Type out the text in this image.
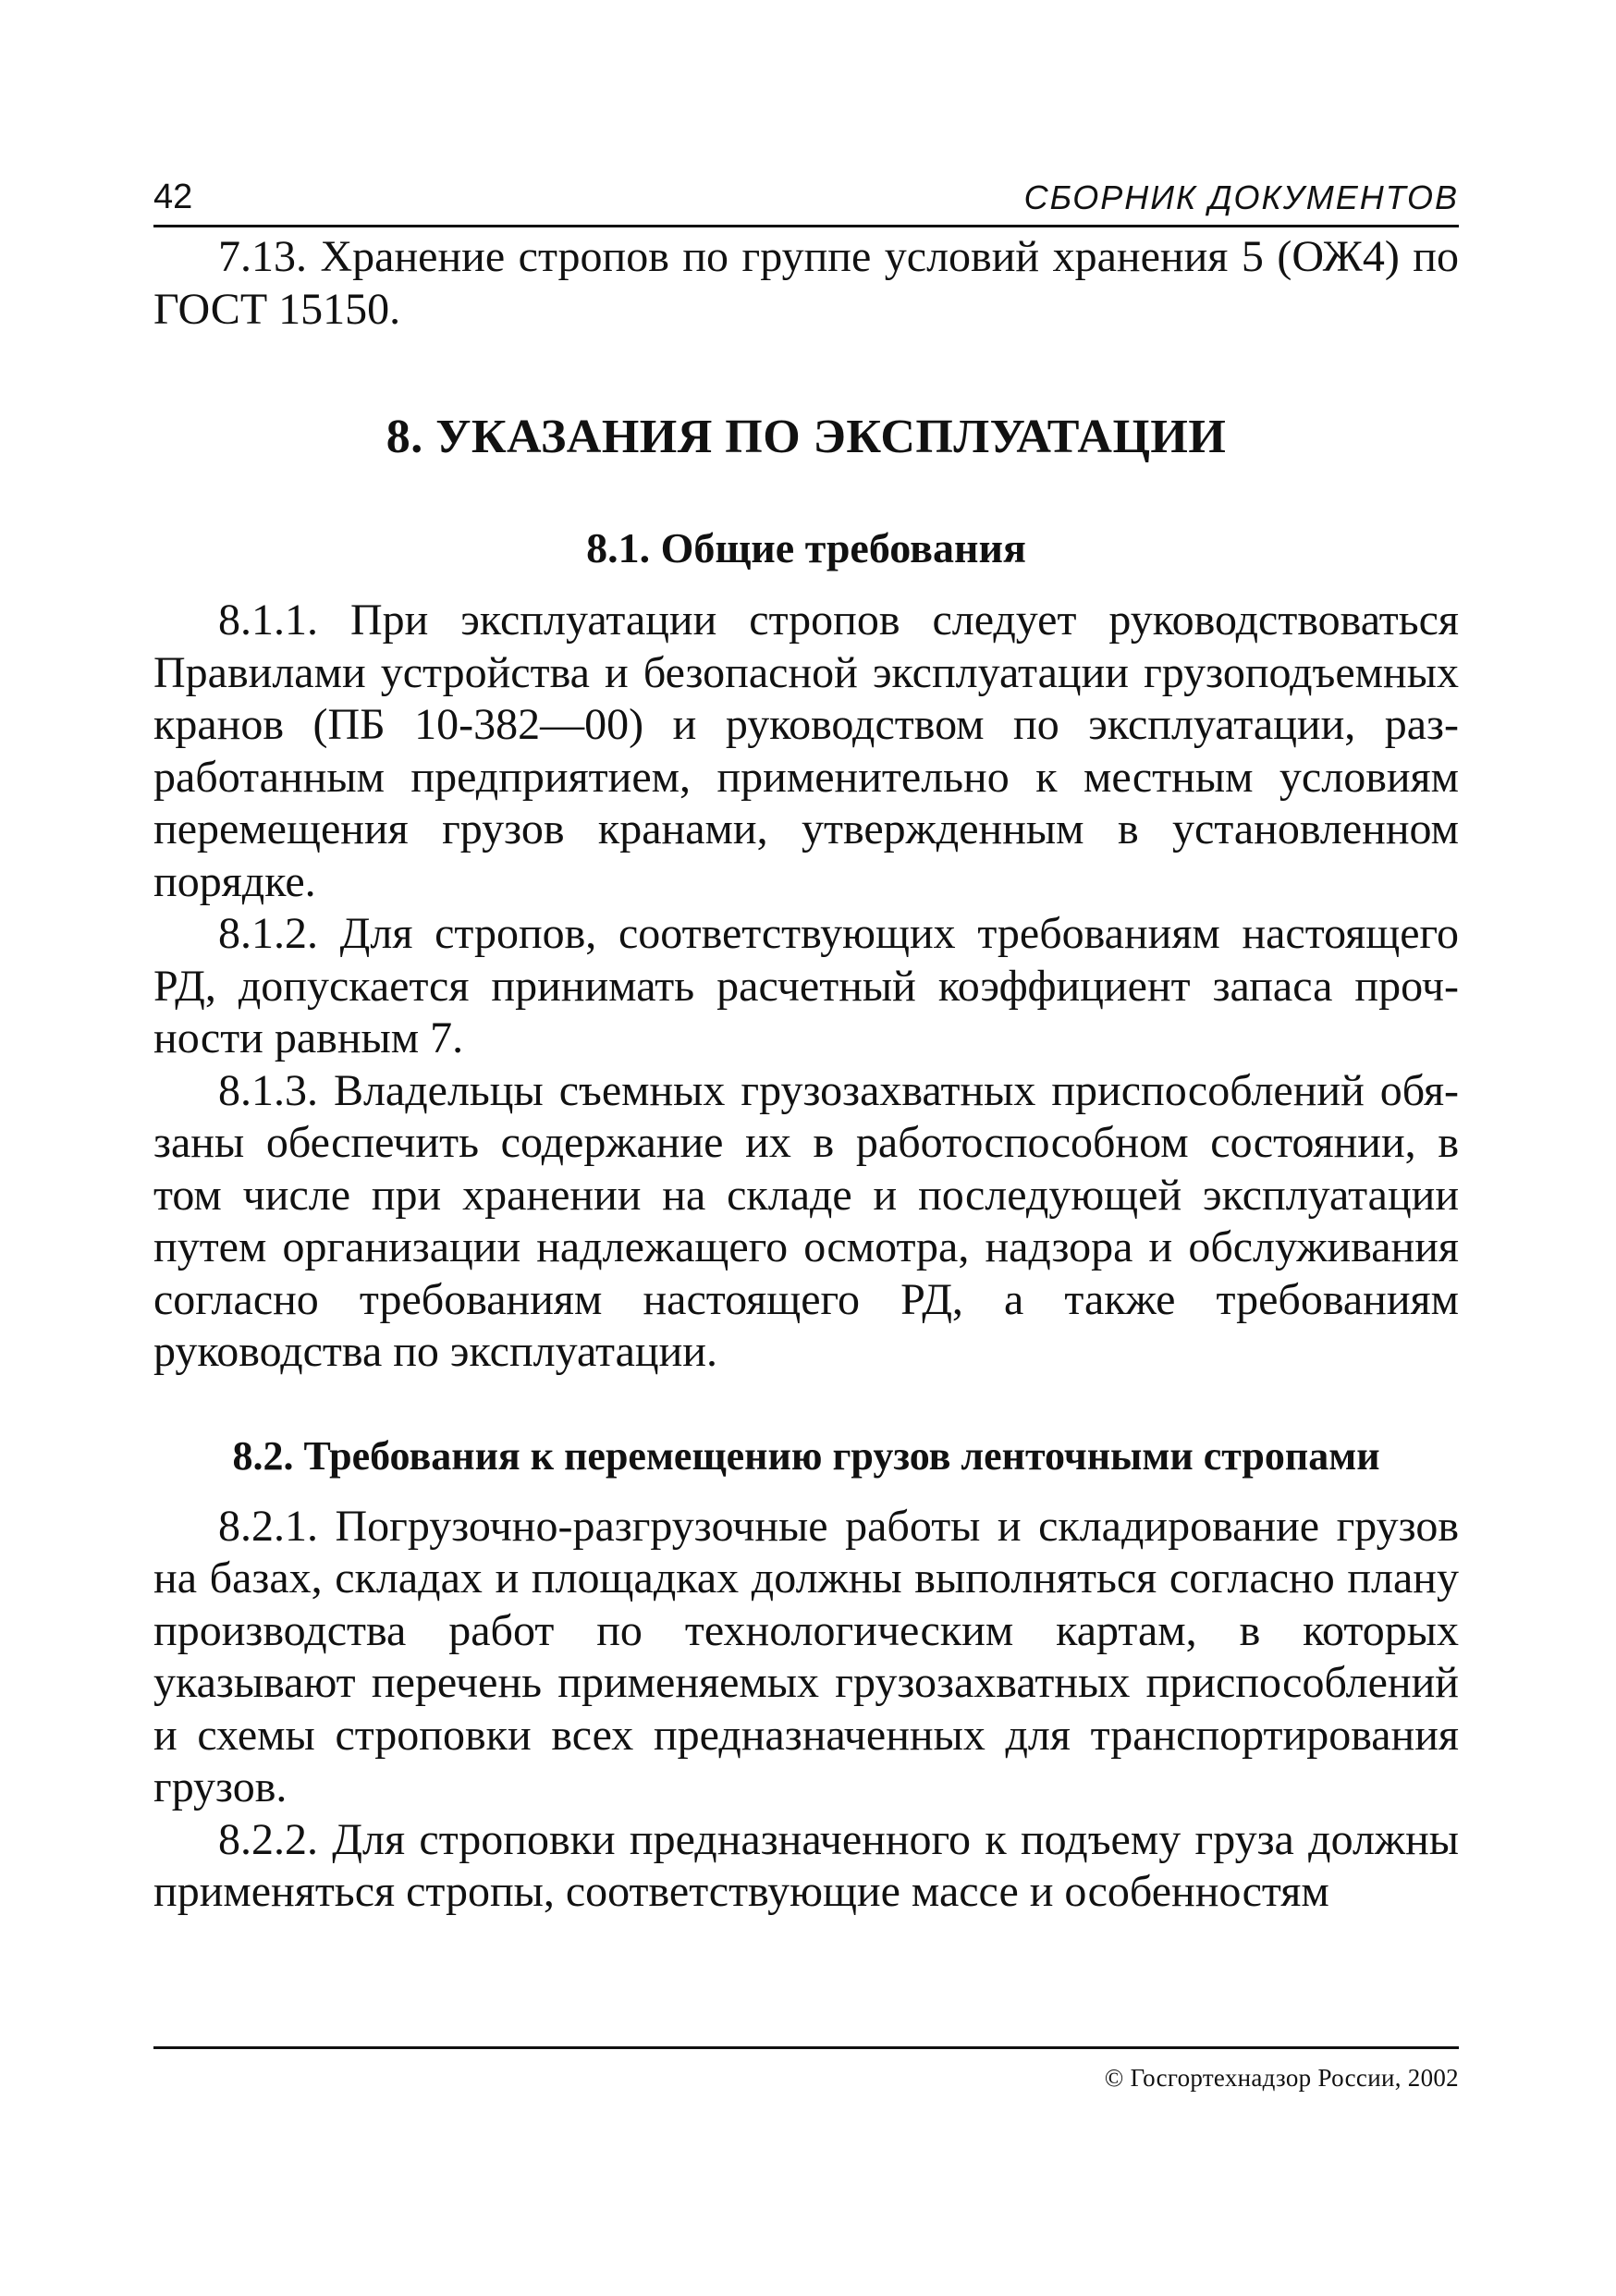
42	СБОРНИК ДОКУМЕНТОВ

7.13. Хранение стропов по группе условий хранения 5 (ОЖ4) по ГОСТ 15150.

8. УКАЗАНИЯ ПО ЭКСПЛУАТАЦИИ
8.1. Общие требования

8.1.1. При эксплуатации стропов следует руководствоваться Правилами устройства и безопасной эксплуатации грузоподъемных кранов (ПБ 10-382—00) и руководством по эксплуатации, разработанным предприятием, применительно к местным условиям перемещения грузов кранами, утвержденным в установленном порядке.

8.1.2. Для стропов, соответствующих требованиям настоящего РД, допускается принимать расчетный коэффициент запаса прочности равным 7.

8.1.3. Владельцы съемных грузозахватных приспособлений обязаны обеспечить содержание их в работоспособном состоянии, в том числе при хранении на складе и последующей эксплуатации путем организации надлежащего осмотра, надзора и обслуживания согласно требованиям настоящего РД, а также требованиям руководства по эксплуатации.

8.2. Требования к перемещению грузов ленточными стропами

8.2.1. Погрузочно-разгрузочные работы и складирование грузов на базах, складах и площадках должны выполняться согласно плану производства работ по технологическим картам, в которых указывают перечень применяемых грузозахватных приспособлений и схемы строповки всех предназначенных для транспортирования грузов.

8.2.2. Для строповки предназначенного к подъему груза должны применяться стропы, соответствующие массе и особенностям

© Госгортехнадзор России, 2002
